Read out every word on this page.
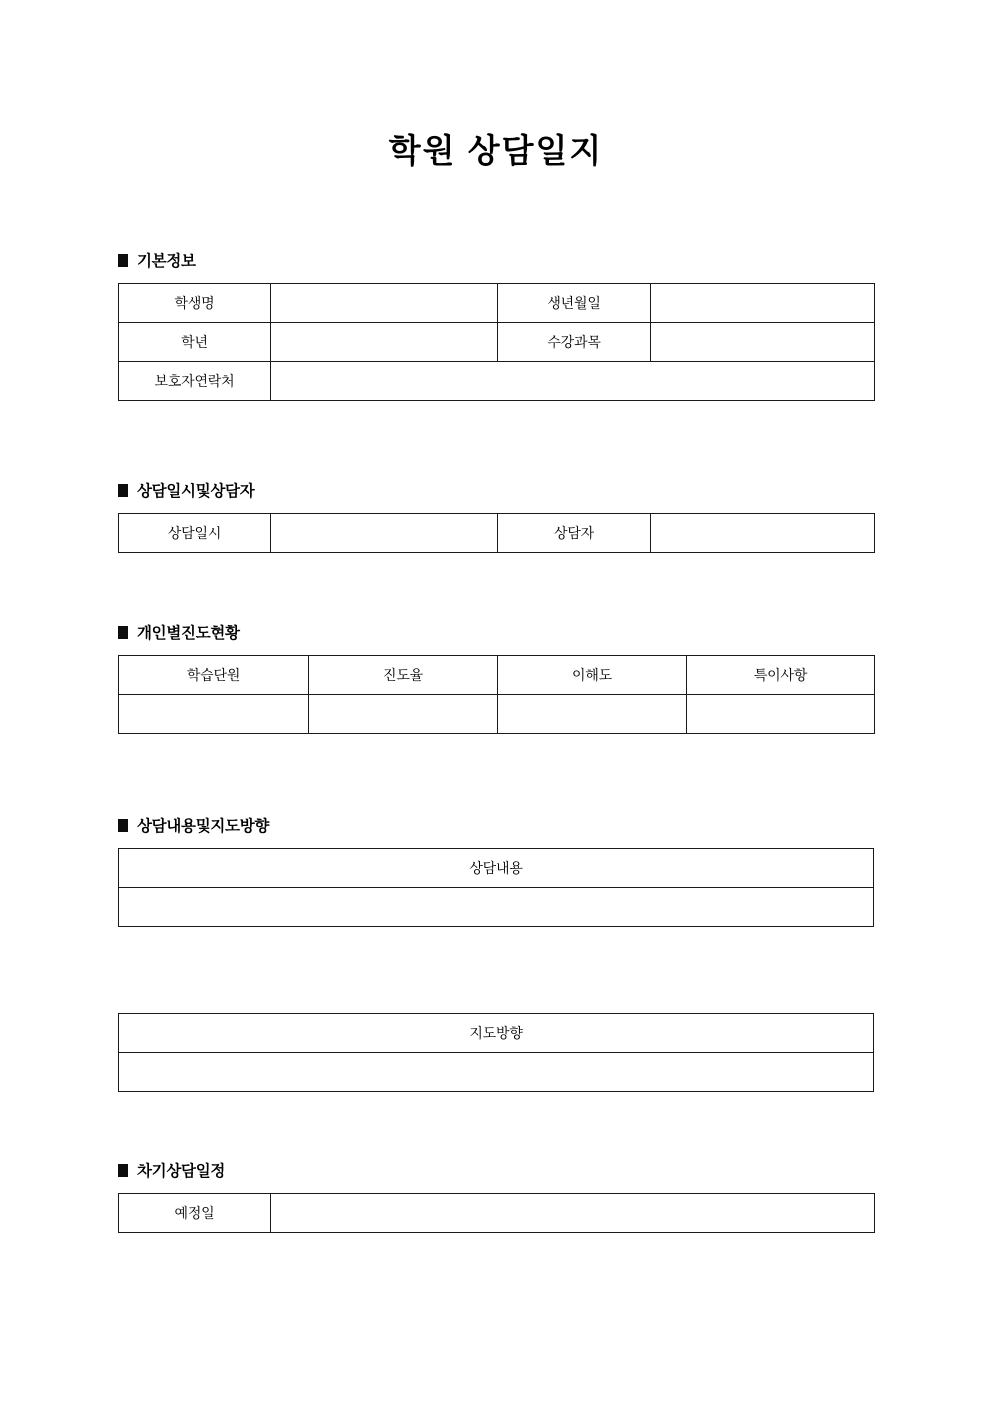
학원 상담일지
기본정보
학생명		생년월일	
학년		수강과목	
보호자연락처			
상담일시및상담자
상담일시		상담자	
개인별진도현황
학습단원	진도율	이해도	특이사항

상담내용및지도방향
상담내용

지도방향

차기상담일정
예정일	
